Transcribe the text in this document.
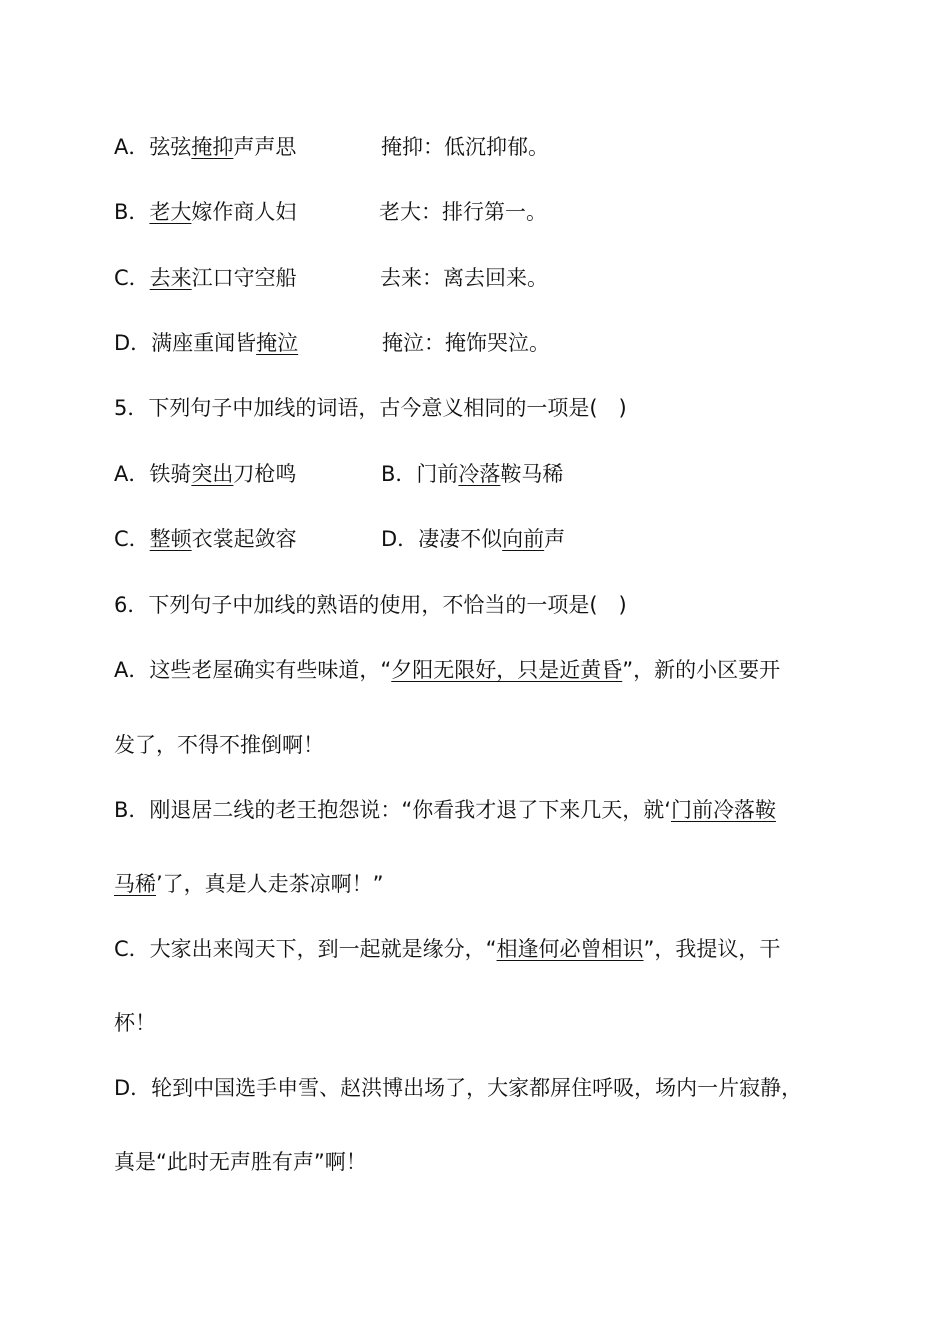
A．弦弦掩抑声声思	掩抑：低沉抑郁。
B．老大嫁作商人妇	老大：排行第一。
C．去来江口守空船	去来：离去回来。
D．满座重闻皆掩泣	掩泣：掩饰哭泣。
5．下列句子中加线的词语，古今意义相同的一项是(　)
A．铁骑突出刀枪鸣	B．门前冷落鞍马稀
C．整顿衣裳起敛容	D．凄凄不似向前声
6．下列句子中加线的熟语的使用，不恰当的一项是(　)
A．这些老屋确实有些味道，“夕阳无限好，只是近黄昏”，新的小区要开
发了，不得不推倒啊！
B．刚退居二线的老王抱怨说：“你看我才退了下来几天，就‘门前冷落鞍
马稀’了，真是人走茶凉啊！”
C．大家出来闯天下，到一起就是缘分，“相逢何必曾相识”，我提议，干
杯！
D．轮到中国选手申雪、赵洪博出场了，大家都屏住呼吸，场内一片寂静，
真是“此时无声胜有声”啊！
